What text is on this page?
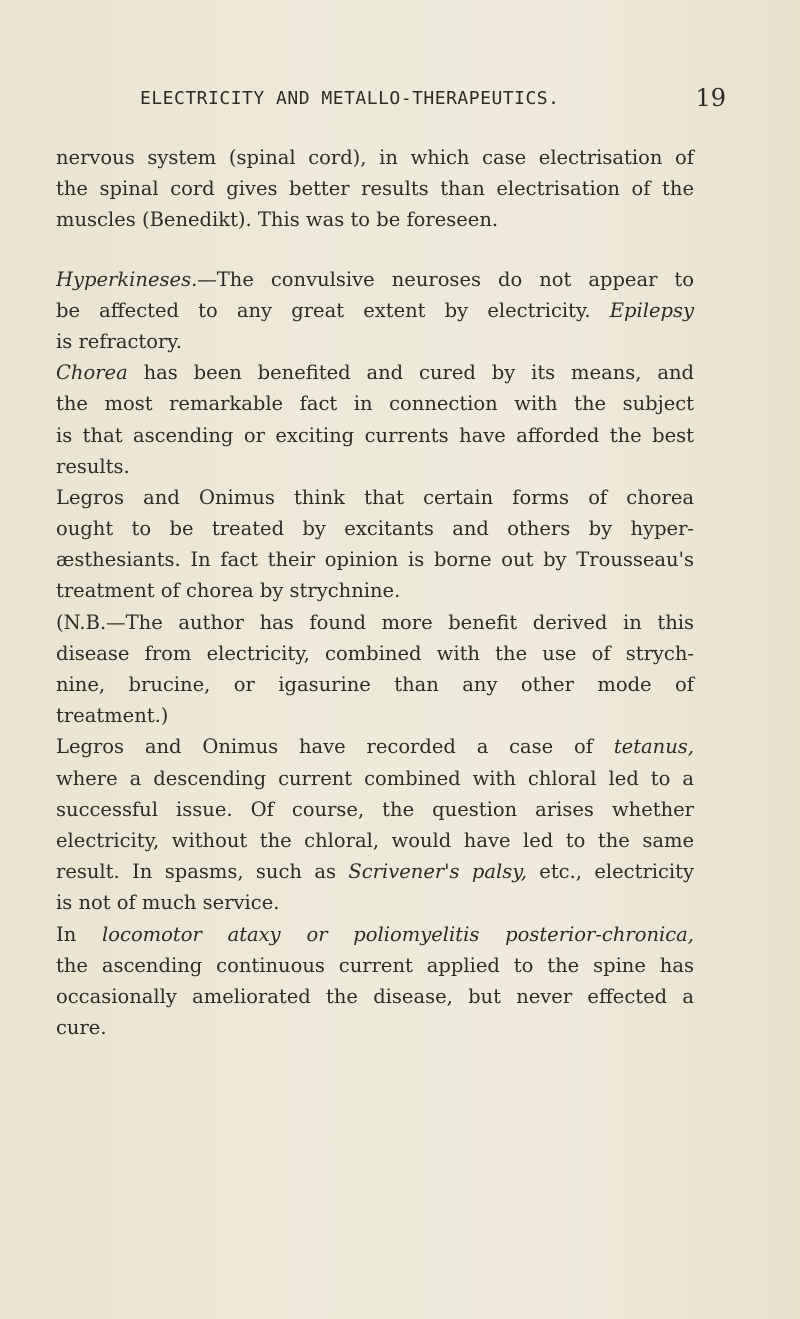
ELECTRICITY AND METALLO-THERAPEUTICS.	19
nervous system (spinal cord), in which case electrisation of
the spinal cord gives better results than electrisation of the
muscles (Benedikt). This was to be foreseen.
Hyperkineses.—The convulsive neuroses do not appear to
be affected to any great extent by electricity. Epilepsy
is refractory.
Chorea has been benefited and cured by its means, and
the most remarkable fact in connection with the subject
is that ascending or exciting currents have afforded the best
results.
Legros and Onimus think that certain forms of chorea
ought to be treated by excitants and others by hyper-
æsthesiants. In fact their opinion is borne out by Trousseau's
treatment of chorea by strychnine.
(N.B.—The author has found more benefit derived in this
disease from electricity, combined with the use of strych-
nine, brucine, or igasurine than any other mode of
treatment.)
Legros and Onimus have recorded a case of tetanus,
where a descending current combined with chloral led to a
successful issue. Of course, the question arises whether
electricity, without the chloral, would have led to the same
result. In spasms, such as Scrivener's palsy, etc., electricity
is not of much service.
In locomotor ataxy or poliomyelitis posterior-chronica,
the ascending continuous current applied to the spine has
occasionally ameliorated the disease, but never effected a
cure.
